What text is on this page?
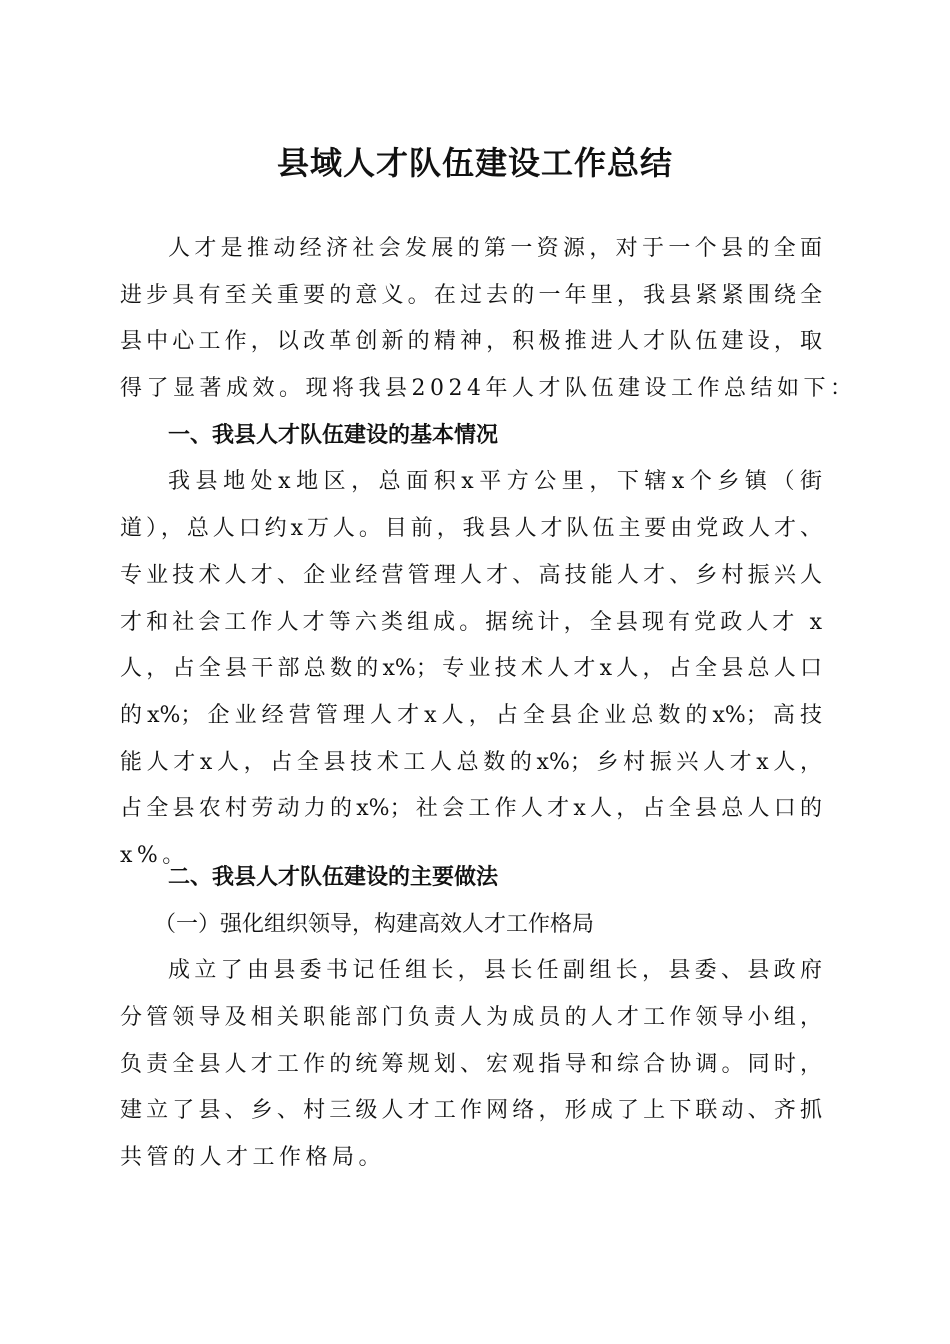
县域人才队伍建设工作总结
人才是推动经济社会发展的第一资源，对于一个县的全面
进步具有至关重要的意义。在过去的一年里，我县紧紧围绕全
县中心工作，以改革创新的精神，积极推进人才队伍建设，取
得了显著成效。现将我县2024年人才队伍建设工作总结如下：
一、我县人才队伍建设的基本情况
我县地处x地区，总面积x平方公里，下辖x个乡镇（街
道），总人口约x万人。目前，我县人才队伍主要由党政人才、
专业技术人才、企业经营管理人才、高技能人才、乡村振兴人
才和社会工作人才等六类组成。据统计，全县现有党政人才 x
人，占全县干部总数的x%；专业技术人才x人，占全县总人口
的x%；企业经营管理人才x人，占全县企业总数的x%；高技
能人才x人，占全县技术工人总数的x%；乡村振兴人才x人，
占全县农村劳动力的x%；社会工作人才x人，占全县总人口的
x%。
二、我县人才队伍建设的主要做法
（一）强化组织领导，构建高效人才工作格局
成立了由县委书记任组长，县长任副组长，县委、县政府
分管领导及相关职能部门负责人为成员的人才工作领导小组，
负责全县人才工作的统筹规划、宏观指导和综合协调。同时，
建立了县、乡、村三级人才工作网络，形成了上下联动、齐抓
共管的人才工作格局。
